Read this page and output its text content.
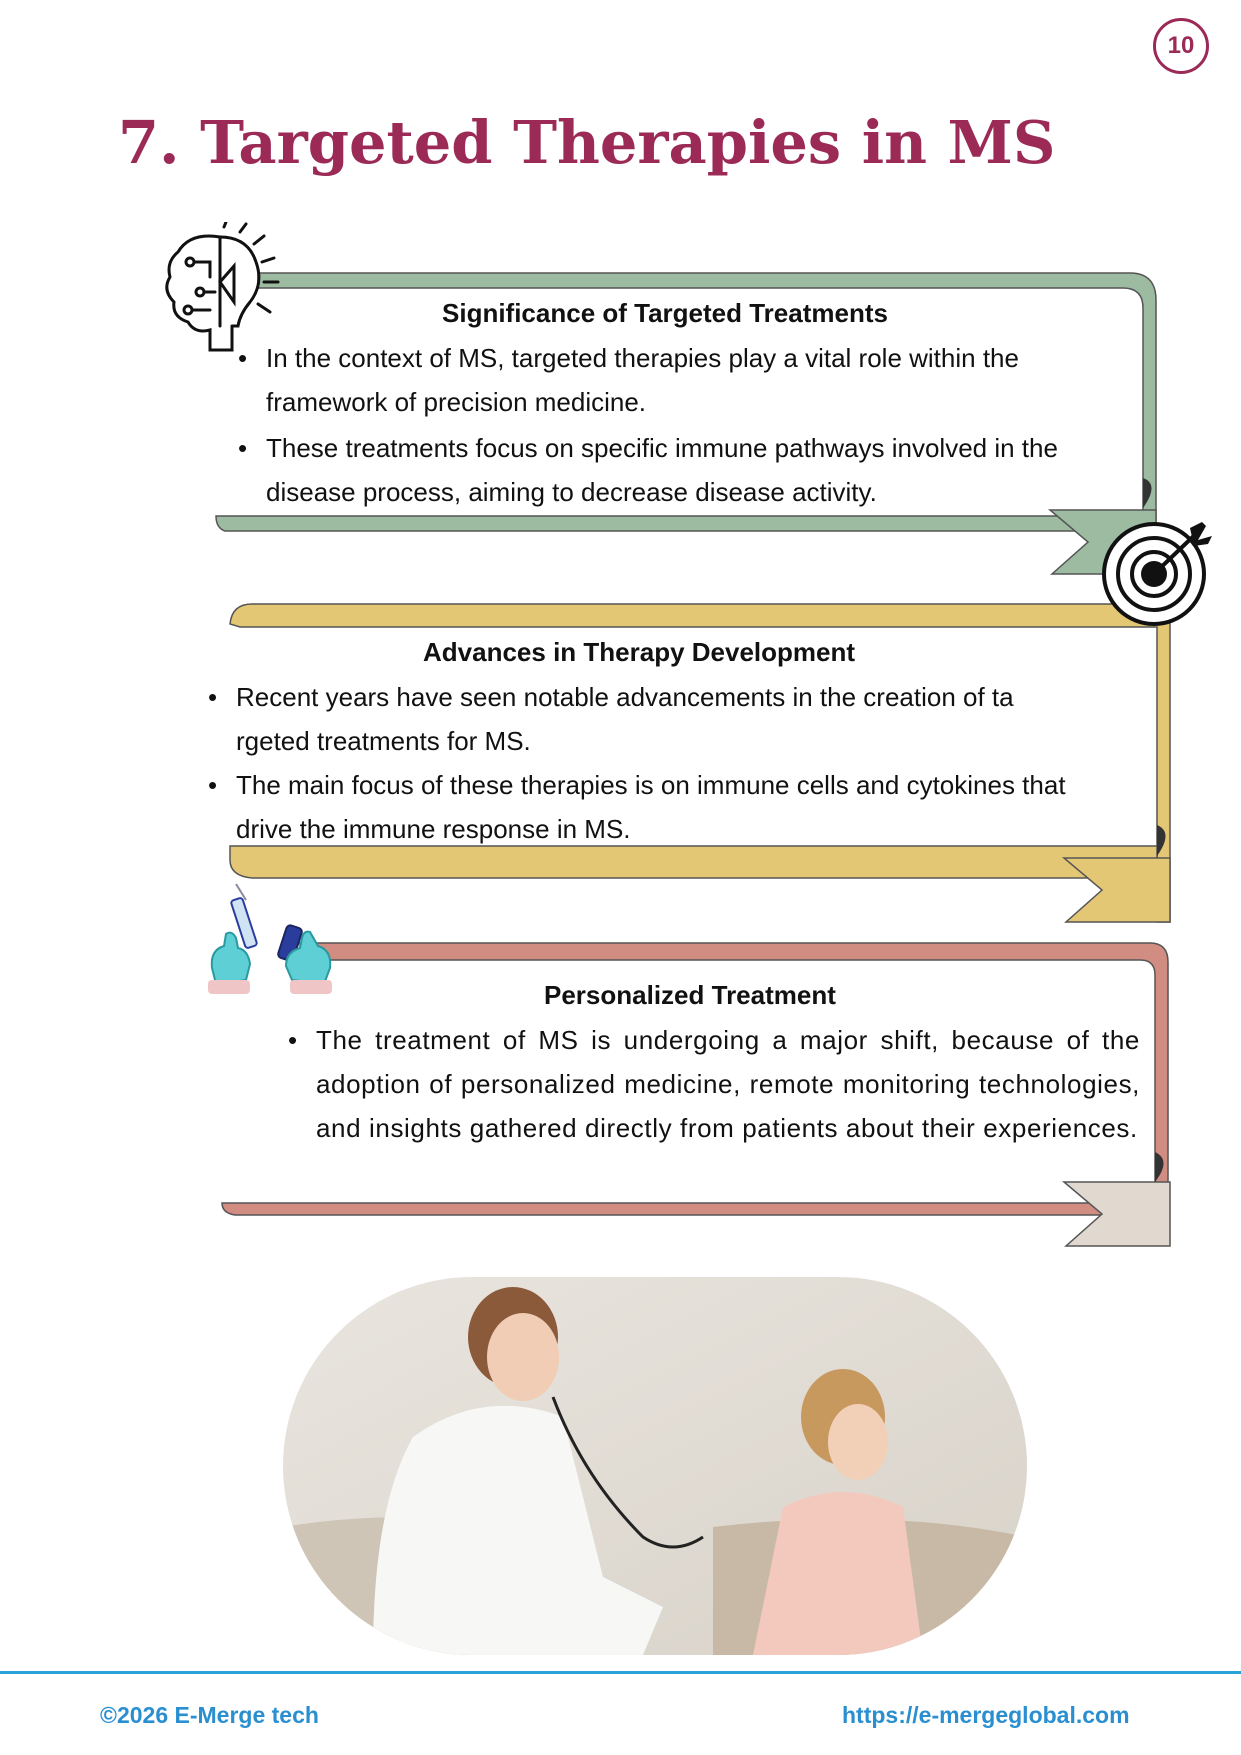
10
7. Targeted Therapies in MS
Significance of Targeted Treatments
• In the context of MS, targeted therapies play a vital role within the framework of precision medicine.
• These treatments focus on specific immune pathways involved in the disease process, aiming to decrease disease activity.
Advances in Therapy Development
• Recent years have seen notable advancements in the creation of ta rgeted treatments for MS.
• The main focus of these therapies is on immune cells and cytokines that drive the immune response in MS.
Personalized Treatment
• The treatment of MS is undergoing a major shift, because of the adoption of personalized medicine, remote monitoring technologies, and insights gathered directly from patients about their experiences.
©2026 E-Merge tech	https://e-mergeglobal.com
